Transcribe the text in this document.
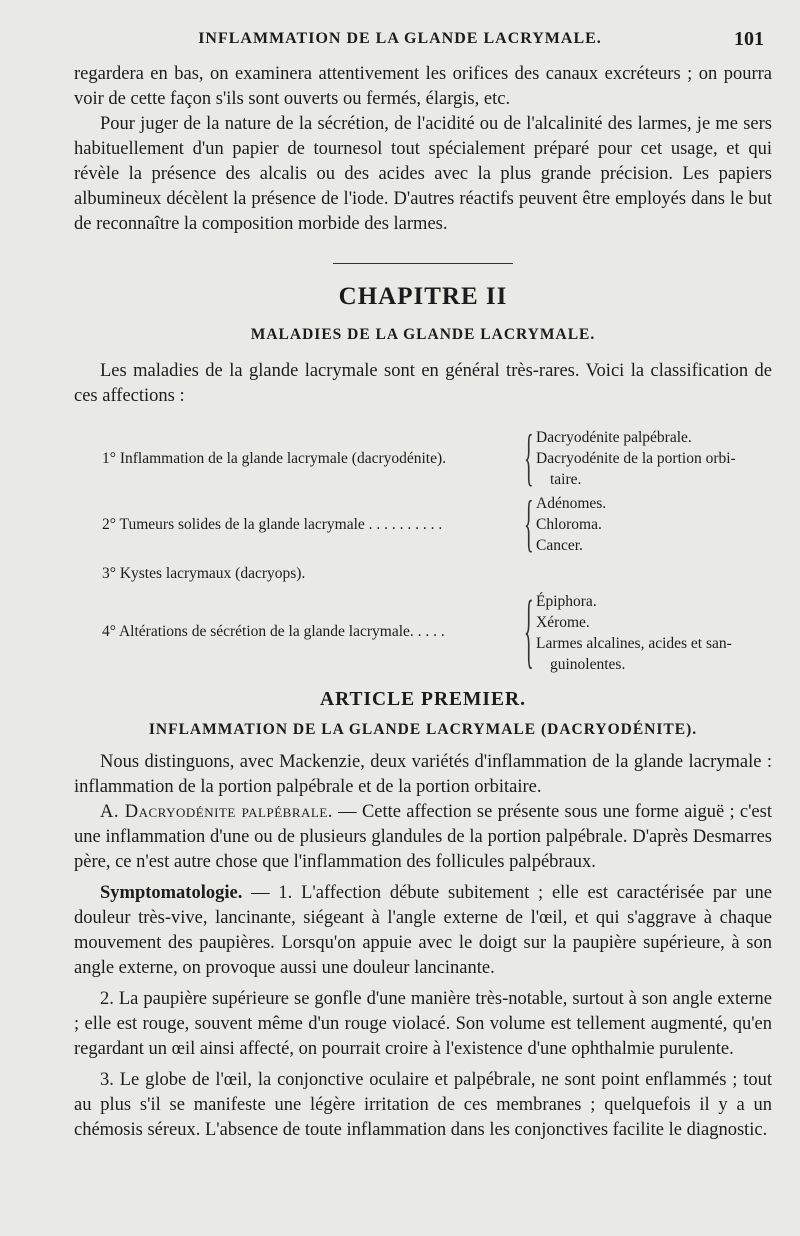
INFLAMMATION DE LA GLANDE LACRYMALE.	101

regardera en bas, on examinera attentivement les orifices des canaux excréteurs ; on pourra voir de cette façon s'ils sont ouverts ou fermés, élargis, etc.

Pour juger de la nature de la sécrétion, de l'acidité ou de l'alcalinité des larmes, je me sers habituellement d'un papier de tournesol tout spécialement préparé pour cet usage, et qui révèle la présence des alcalis ou des acides avec la plus grande précision. Les papiers albumineux décèlent la présence de l'iode. D'autres réactifs peuvent être employés dans le but de reconnaître la composition morbide des larmes.

CHAPITRE II
MALADIES DE LA GLANDE LACRYMALE.

Les maladies de la glande lacrymale sont en général très-rares. Voici la classification de ces affections :

1° Inflammation de la glande lacrymale (dacryodénite).	{ Dacryodénite palpébrale.
Dacryodénite de la portion orbi-
taire.
2° Tumeurs solides de la glande lacrymale . . . . . . . . . .	{ Adénomes.
Chloroma.
Cancer.
3° Kystes lacrymaux (dacryops).
4° Altérations de sécrétion de la glande lacrymale. . . . .	{ Épiphora.
Xérome.
Larmes alcalines, acides et san-
guinolentes.
ARTICLE PREMIER.
INFLAMMATION DE LA GLANDE LACRYMALE (DACRYODÉNITE).

Nous distinguons, avec Mackenzie, deux variétés d'inflammation de la glande lacrymale : inflammation de la portion palpébrale et de la portion orbitaire.

A. Dacryodénite palpébrale. — Cette affection se présente sous une forme aiguë ; c'est une inflammation d'une ou de plusieurs glandules de la portion palpébrale. D'après Desmarres père, ce n'est autre chose que l'inflammation des follicules palpébraux.

Symptomatologie. — 1. L'affection débute subitement ; elle est caractérisée par une douleur très-vive, lancinante, siégeant à l'angle externe de l'œil, et qui s'aggrave à chaque mouvement des paupières. Lorsqu'on appuie avec le doigt sur la paupière supérieure, à son angle externe, on provoque aussi une douleur lancinante.

2. La paupière supérieure se gonfle d'une manière très-notable, surtout à son angle externe ; elle est rouge, souvent même d'un rouge violacé. Son volume est tellement augmenté, qu'en regardant un œil ainsi affecté, on pourrait croire à l'existence d'une ophthalmie purulente.

3. Le globe de l'œil, la conjonctive oculaire et palpébrale, ne sont point enflammés ; tout au plus s'il se manifeste une légère irritation de ces membranes ; quelquefois il y a un chémosis séreux. L'absence de toute inflammation dans les conjonctives facilite le diagnostic.
